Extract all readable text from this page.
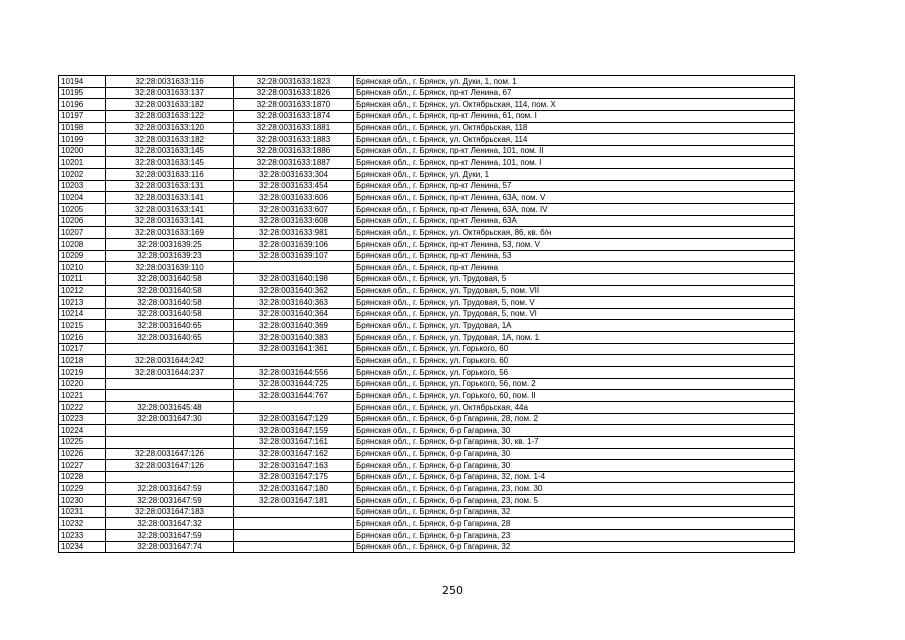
10194	32:28:0031633:116	32:28:0031633:1823	Брянская обл., г. Брянск, ул. Дуки, 1, пом. 1
10195	32:28:0031633:137	32:28:0031633:1826	Брянская обл., г. Брянск, пр-кт Ленина, 67
10196	32:28:0031633:182	32:28:0031633:1870	Брянская обл., г. Брянск, ул. Октябрьская, 114, пом. X
10197	32:28:0031633:122	32:28:0031633:1874	Брянская обл., г. Брянск, пр-кт Ленина, 61, пом. I
10198	32:28:0031633:120	32:28:0031633:1881	Брянская обл., г. Брянск, ул. Октябрьская, 118
10199	32:28:0031633:182	32:28:0031633:1883	Брянская обл., г. Брянск, ул. Октябрьская, 114
10200	32:28:0031633:145	32:28:0031633:1886	Брянская обл., г. Брянск, пр-кт Ленина, 101, пом. II
10201	32:28:0031633:145	32:28:0031633:1887	Брянская обл., г. Брянск, пр-кт Ленина, 101, пом. I
10202	32:28:0031633:116	32:28:0031633:304	Брянская обл., г. Брянск, ул. Дуки, 1
10203	32:28:0031633:131	32:28:0031633:454	Брянская обл., г. Брянск, пр-кт Ленина, 57
10204	32:28:0031633:141	32:28:0031633:606	Брянская обл., г. Брянск, пр-кт Ленина, 63А, пом. V
10205	32:28:0031633:141	32:28:0031633:607	Брянская обл., г. Брянск, пр-кт Ленина, 63А, пом. IV
10206	32:28:0031633:141	32:28:0031633:608	Брянская обл., г. Брянск, пр-кт Ленина, 63А
10207	32:28:0031633:169	32:28:0031633:981	Брянская обл., г. Брянск, ул. Октябрьская, 86, кв. б/н
10208	32:28:0031639:25	32:28:0031639:106	Брянская обл., г. Брянск, пр-кт Ленина, 53, пом. V
10209	32:28:0031639:23	32:28:0031639:107	Брянская обл., г. Брянск, пр-кт Ленина, 53
10210	32:28:0031639:110		Брянская обл., г. Брянск, пр-кт Ленина
10211	32:28:0031640:58	32:28:0031640:198	Брянская обл., г. Брянск, ул. Трудовая, 5
10212	32:28:0031640:58	32:28:0031640:362	Брянская обл., г. Брянск, ул. Трудовая, 5, пом. VII
10213	32:28:0031640:58	32:28:0031640:363	Брянская обл., г. Брянск, ул. Трудовая, 5, пом. V
10214	32:28:0031640:58	32:28:0031640:364	Брянская обл., г. Брянск, ул. Трудовая, 5, пом. VI
10215	32:28:0031640:65	32:28:0031640:369	Брянская обл., г. Брянск, ул. Трудовая, 1А
10216	32:28:0031640:65	32:28:0031640:383	Брянская обл., г. Брянск, ул. Трудовая, 1А, пом. 1
10217		32:28:0031641:361	Брянская обл., г. Брянск, ул. Горького, 60
10218	32:28:0031644:242		Брянская обл., г. Брянск, ул. Горького, 60
10219	32:28:0031644:237	32:28:0031644:556	Брянская обл., г. Брянск, ул. Горького, 56
10220		32:28:0031644:725	Брянская обл., г. Брянск, ул. Горького, 56, пом. 2
10221		32:28:0031644:767	Брянская обл., г. Брянск, ул. Горького, 60, пом. II
10222	32:28:0031645:48		Брянская обл., г. Брянск, ул. Октябрьская, 44а
10223	32:28:0031647:30	32:28:0031647:129	Брянская обл., г. Брянск, б-р Гагарина, 28, пом. 2
10224		32:28:0031647:159	Брянская обл., г. Брянск, б-р Гагарина, 30
10225		32:28:0031647:161	Брянская обл., г. Брянск, б-р Гагарина, 30, кв. 1-7
10226	32:28:0031647:126	32:28:0031647:162	Брянская обл., г. Брянск, б-р Гагарина, 30
10227	32:28:0031647:126	32:28:0031647:163	Брянская обл., г. Брянск, б-р Гагарина, 30
10228		32:28:0031647:175	Брянская обл., г. Брянск, б-р Гагарина, 32, пом. 1-4
10229	32:28:0031647:59	32:28:0031647:180	Брянская обл., г. Брянск, б-р Гагарина, 23, пом. 30
10230	32:28:0031647:59	32:28:0031647:181	Брянская обл., г. Брянск, б-р Гагарина, 23, пом. 5
10231	32:28:0031647:183		Брянская обл., г. Брянск, б-р Гагарина, 32
10232	32:28:0031647:32		Брянская обл., г. Брянск, б-р Гагарина, 28
10233	32:28:0031647:59		Брянская обл., г. Брянск, б-р Гагарина, 23
10234	32:28:0031647:74		Брянская обл., г. Брянск, б-р Гагарина, 32
250
